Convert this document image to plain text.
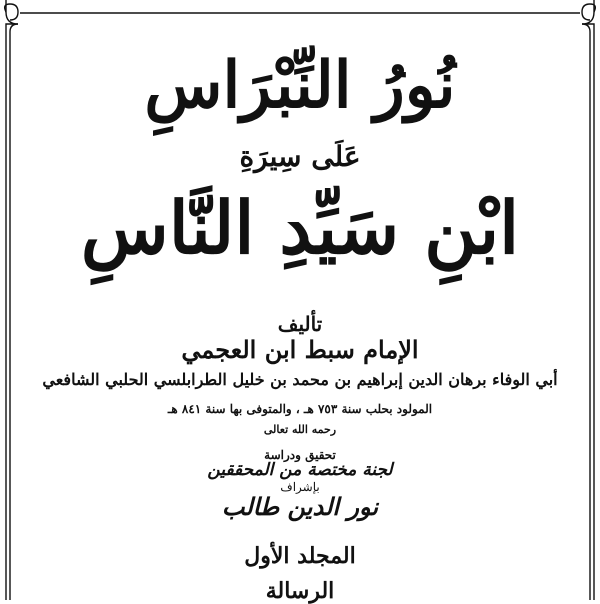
نُورُ النِّبْرَاسِ
عَلَى سِيرَةِ
ابْنِ سَيِّدِ النَّاسِ
تأليف
الإمام سبط ابن العجمي
أبي الوفاء برهان الدين إبراهيم بن محمد بن خليل الطرابلسي الحلبي الشافعي
المولود بحلب سنة ٧٥٣ هـ ، والمتوفى بها سنة ٨٤١ هـ
رحمه الله تعالى
تحقيق ودراسة
لجنة مختصة من المحققين
بإشراف
نور الدين طالب
المجلد الأول
الرسالة
